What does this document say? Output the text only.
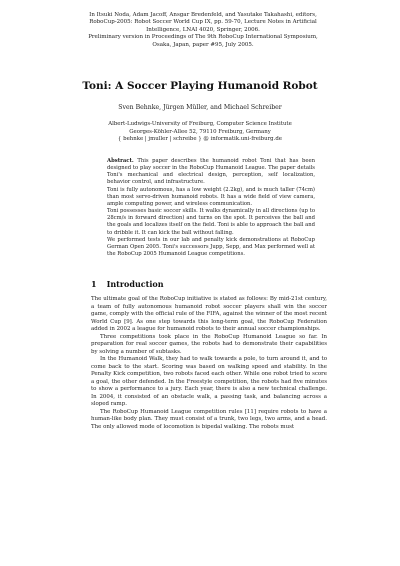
In Itsuki Noda, Adam Jacoff, Ansgar Bredenfeld, and Yasutake Takahashi, editors,
RoboCup-2005: Robot Soccer World Cup IX, pp. 59-70, Lecture Notes in Artificial
Intelligence, LNAI 4020, Springer, 2006.
Preliminary version in Proceedings of The 9th RoboCup International Symposium,
Osaka, Japan, paper #95, July 2005.
Toni: A Soccer Playing Humanoid Robot
Sven Behnke, Jürgen Müller, and Michael Schreiber
Albert-Ludwigs-University of Freiburg, Computer Science Institute
Georges-Köhler-Allee 52, 79110 Freiburg, Germany
{ behnke | jmuller | schreibe } @ informatik.uni-freiburg.de

Abstract. This paper describes the humanoid robot Toni that has been designed to play soccer in the RoboCup Humanoid League. The paper details Toni's mechanical and electrical design, perception, self localization, behavior control, and infrastructure.

Toni is fully autonomous, has a low weight (2.2kg), and is much taller (74cm) than most servo-driven humanoid robots. It has a wide field of view camera, ample computing power, and wireless communication.

Toni possesses basic soccer skills. It walks dynamically in all directions (up to 28cm/s in forward direction) and turns on the spot. It perceives the ball and the goals and localizes itself on the field. Toni is able to approach the ball and to dribble it. It can kick the ball without falling.

We performed tests in our lab and penalty kick demonstrations at RoboCup German Open 2005. Toni's successors Jupp, Sepp, and Max performed well at the RoboCup 2005 Humanoid League competitions.

1 Introduction

The ultimate goal of the RoboCup initiative is stated as follows: By mid-21st century, a team of fully autonomous humanoid robot soccer players shall win the soccer game, comply with the official rule of the FIFA, against the winner of the most recent World Cup [9]. As one step towards this long-term goal, the RoboCup Federation added in 2002 a league for humanoid robots to their annual soccer championships.

Three competitions took place in the RoboCup Humanoid League so far. In preparation for real soccer games, the robots had to demonstrate their capabilities by solving a number of subtasks.

In the Humanoid Walk, they had to walk towards a pole, to turn around it, and to come back to the start. Scoring was based on walking speed and stability. In the Penalty Kick competition, two robots faced each other. While one robot tried to score a goal, the other defended. In the Freestyle competition, the robots had five minutes to show a performance to a jury. Each year, there is also a new technical challenge. In 2004, it consisted of an obstacle walk, a passing task, and balancing across a sloped ramp.

The RoboCup Humanoid League competition rules [11] require robots to have a human-like body plan. They must consist of a trunk, two legs, two arms, and a head. The only allowed mode of locomotion is bipedal walking. The robots must
